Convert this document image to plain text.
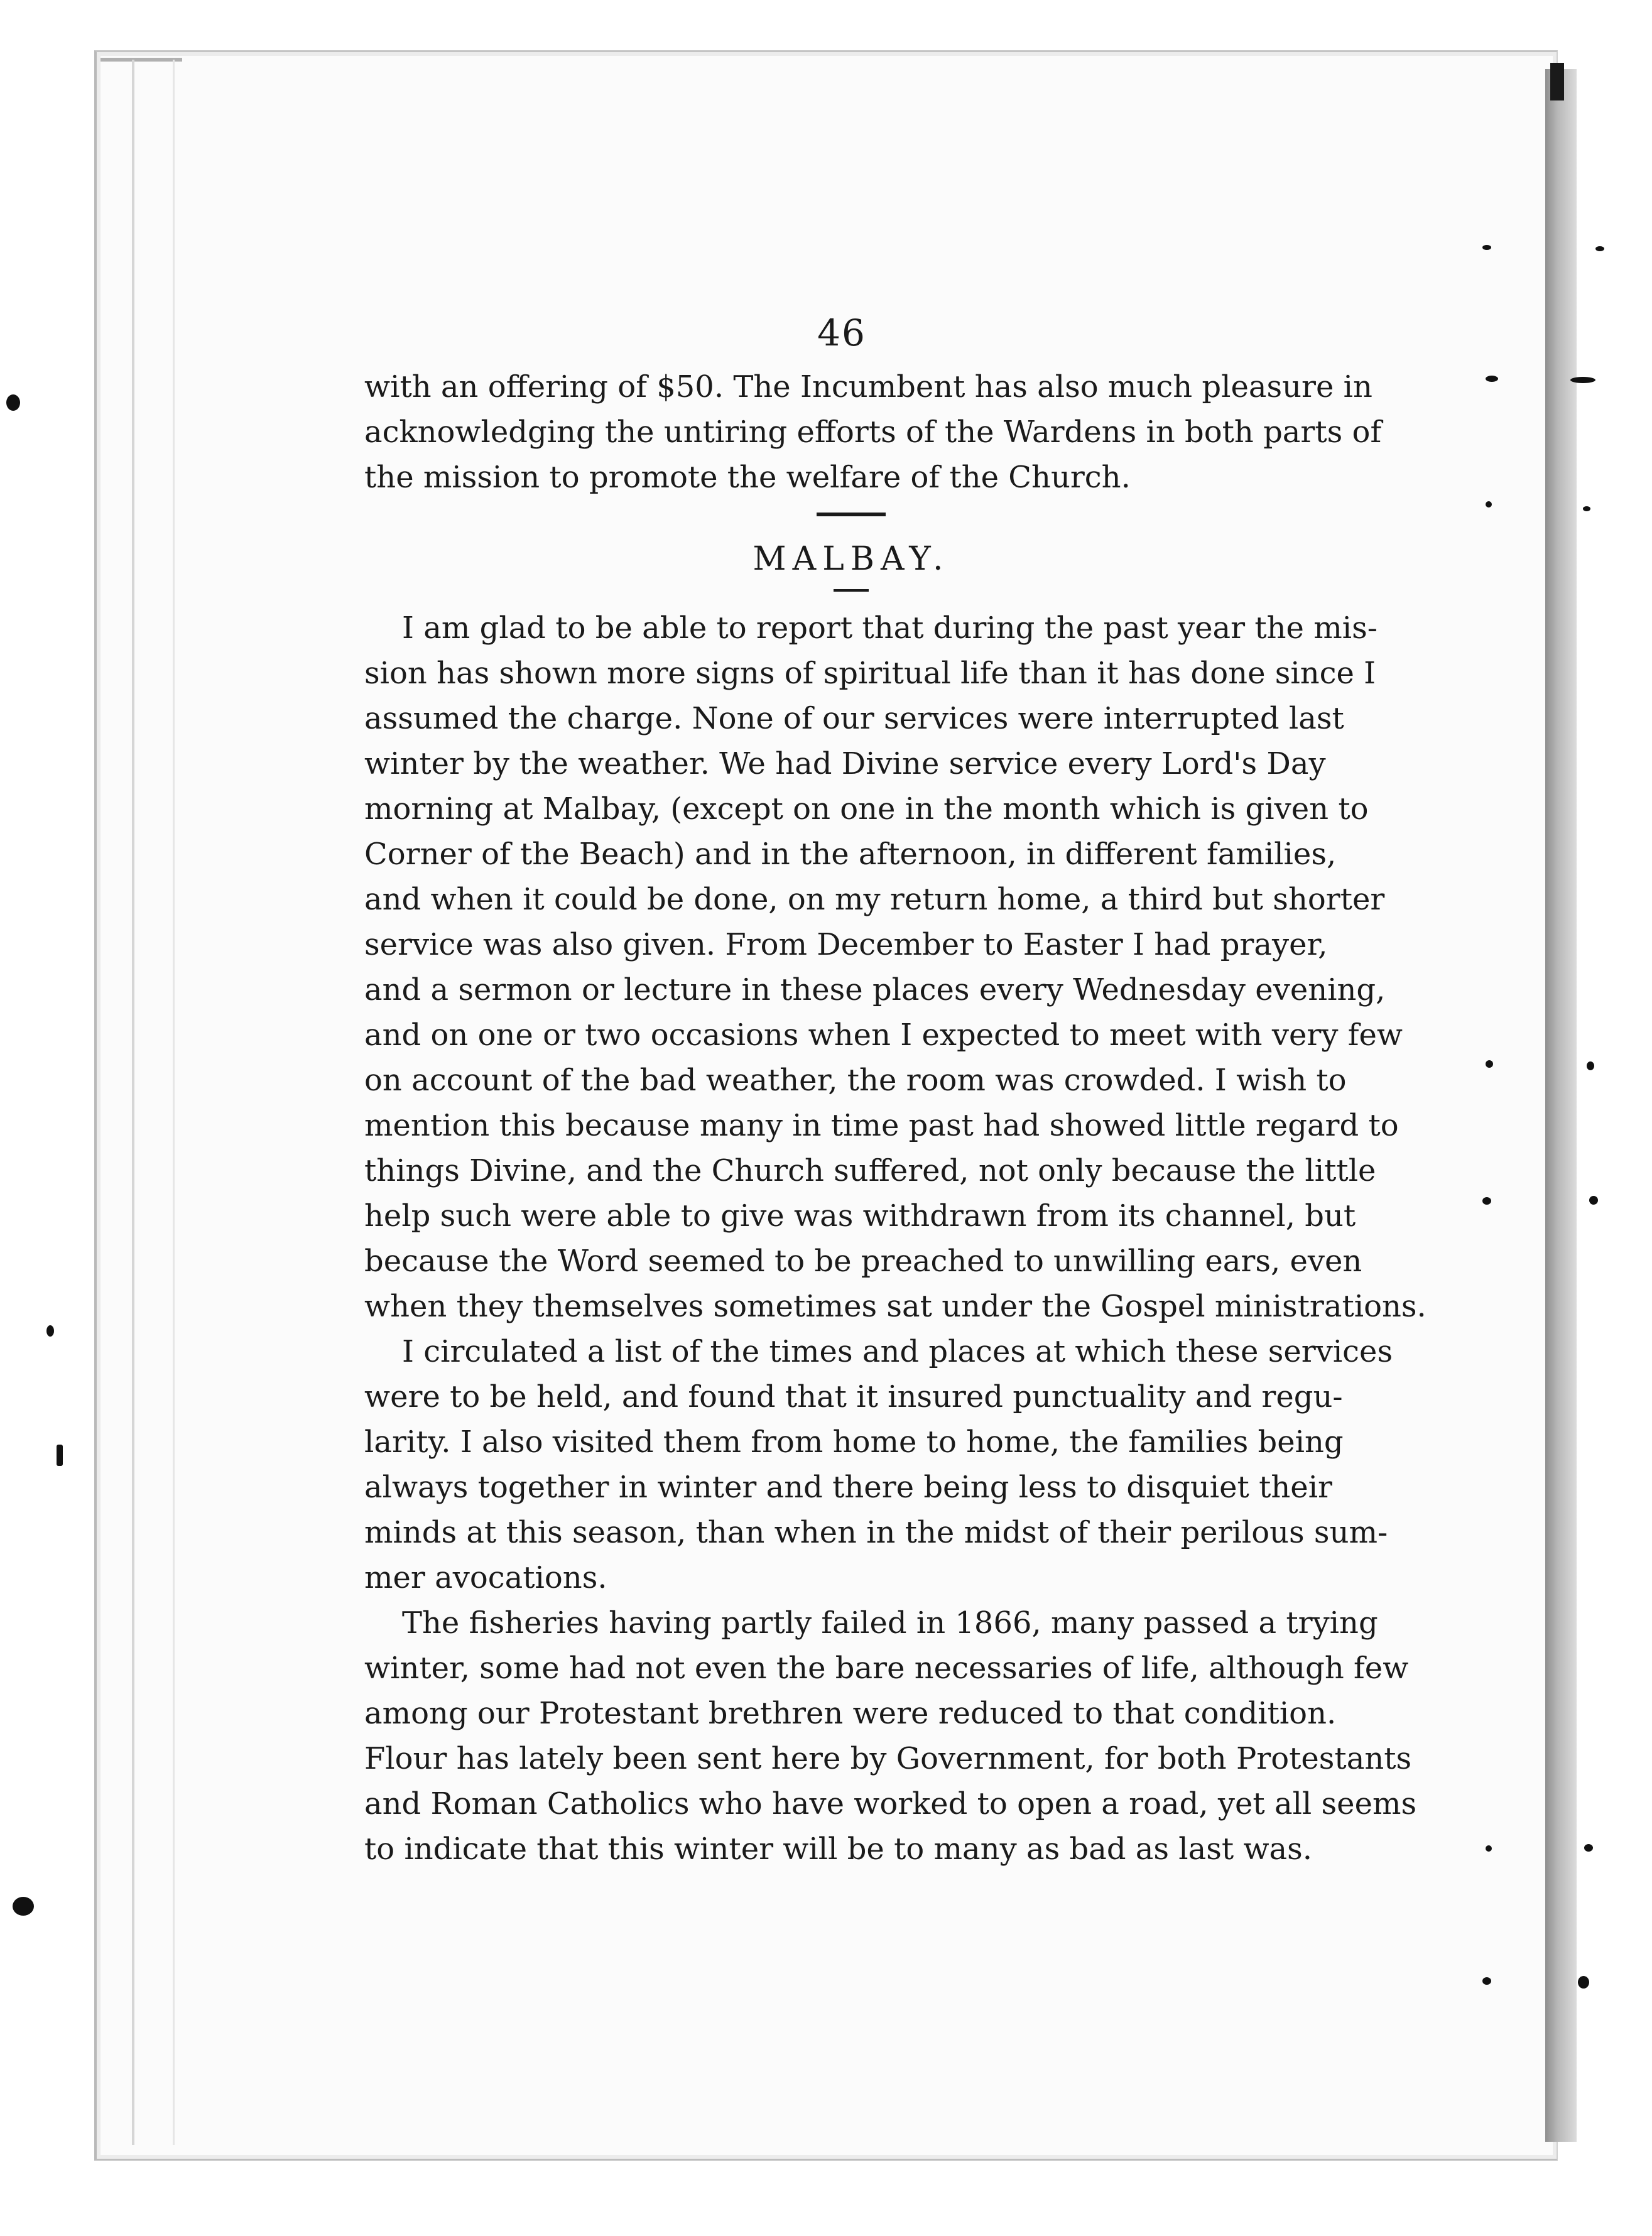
46
with an offering of $50. The Incumbent has also much pleasure in
acknowledging the untiring efforts of the Wardens in both parts of
the mission to promote the welfare of the Church.
MALBAY.
I am glad to be able to report that during the past year the mis-
sion has shown more signs of spiritual life than it has done since I
assumed the charge. None of our services were interrupted last
winter by the weather. We had Divine service every Lord's Day
morning at Malbay, (except on one in the month which is given to
Corner of the Beach) and in the afternoon, in different families,
and when it could be done, on my return home, a third but shorter
service was also given. From December to Easter I had prayer,
and a sermon or lecture in these places every Wednesday evening,
and on one or two occasions when I expected to meet with very few
on account of the bad weather, the room was crowded. I wish to
mention this because many in time past had showed little regard to
things Divine, and the Church suffered, not only because the little
help such were able to give was withdrawn from its channel, but
because the Word seemed to be preached to unwilling ears, even
when they themselves sometimes sat under the Gospel ministrations.
I circulated a list of the times and places at which these services
were to be held, and found that it insured punctuality and regu-
larity. I also visited them from home to home, the families being
always together in winter and there being less to disquiet their
minds at this season, than when in the midst of their perilous sum-
mer avocations.
The fisheries having partly failed in 1866, many passed a trying
winter, some had not even the bare necessaries of life, although few
among our Protestant brethren were reduced to that condition.
Flour has lately been sent here by Government, for both Protestants
and Roman Catholics who have worked to open a road, yet all seems
to indicate that this winter will be to many as bad as last was.
